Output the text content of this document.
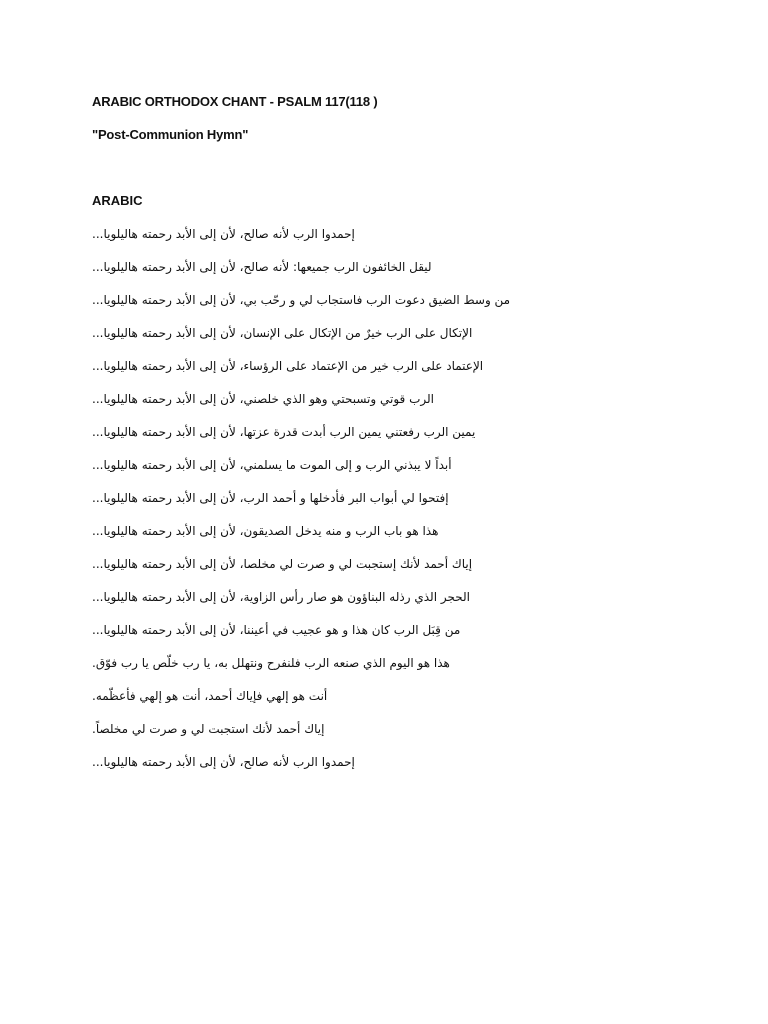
ARABIC ORTHODOX CHANT - PSALM 117(118 )
"Post-Communion Hymn"
ARABIC
إحمدوا الرب لأنه صالح، لأن إلى الأبد رحمته هاليلويا...
ليقل الخائفون الرب جميعها: لأنه صالح، لأن إلى الأبد رحمته هاليلويا...
من وسط الضيق دعوت الرب فاستجاب لي و رحّب بي، لأن إلى الأبد رحمته هاليلويا...
الإتكال على الرب خيرٌ من الإتكال على الإنسان، لأن إلى الأبد رحمته هاليلويا...
الإعتماد على الرب خير من الإعتماد على الرؤساء، لأن إلى الأبد رحمته هاليلويا...
الرب قوتي وتسبحتي وهو الذي خلصني، لأن إلى الأبد رحمته هاليلويا...
يمين الرب رفعتني يمين الرب أبدت قدرة عزتها، لأن إلى الأبد رحمته هاليلويا...
أبداً لا يبذني الرب و إلى الموت ما يسلمني، لأن إلى الأبد رحمته هاليلويا...
إفتحوا لي أبواب البر فأدخلها و أحمد الرب، لأن إلى الأبد رحمته هاليلويا...
هذا هو باب الرب و منه يدخل الصديقون، لأن إلى الأبد رحمته هاليلويا...
إياك أحمد لأنك إستجبت لي و صرت لي مخلصا، لأن إلى الأبد رحمته هاليلويا...
الحجر الذي رذله البناؤون هو صار رأس الزاوية، لأن إلى الأبد رحمته هاليلويا...
من قِبَل الرب كان هذا و هو عجيب في أعيننا، لأن إلى الأبد رحمته هاليلويا...
هذا هو اليوم الذي صنعه الرب فلنفرح ونتهلل به، يا رب خلّص يا رب فوّق.
أنت هو إلهي فإياك أحمد، أنت هو إلهي فأعظّمه.
إياك أحمد لأنك استجبت لي و صرت لي مخلصاً.
إحمدوا الرب لأنه صالح، لأن إلى الأبد رحمته هاليلويا...
